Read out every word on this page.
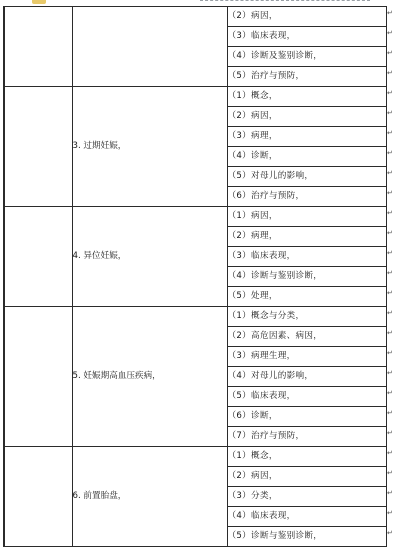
		（2）病因，
		（3）临床表现，
		（4）诊断及鉴别诊断，
		（5）治疗与预防，
	3. 过期妊娠，	（1）概念，
		（2）病因，
		（3）病理，
		（4）诊断，
		（5）对母儿的影响，
		（6）治疗与预防，
	4. 异位妊娠，	（1）病因，
		（2）病理，
		（3）临床表现，
		（4）诊断与鉴别诊断，
		（5）处理，
	5. 妊娠期高血压疾病，	（1）概念与分类，
		（2）高危因素、病因，
		（3）病理生理，
		（4）对母儿的影响，
		（5）临床表现，
		（6）诊断，
		（7）治疗与预防，
	6. 前置胎盘，	（1）概念，
		（2）病因，
		（3）分类，
		（4）临床表现，
		（5）诊断与鉴别诊断，
↵
↵
↵
↵
↵
↵
↵
↵
↵
↵
↵
↵
↵
↵
↵
↵
↵
↵
↵
↵
↵
↵
↵
↵
↵
↵
↵
